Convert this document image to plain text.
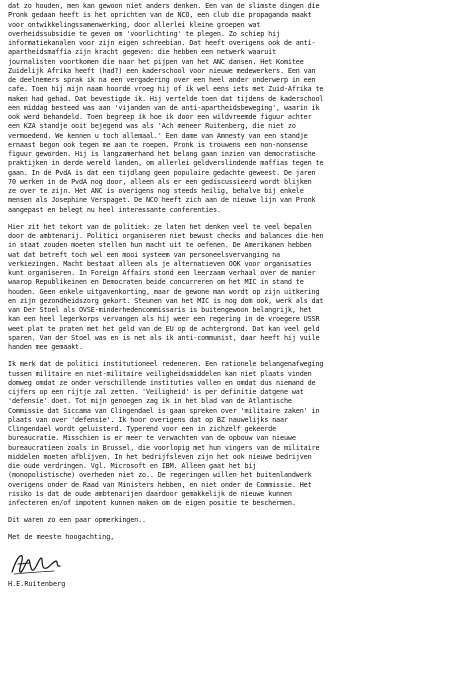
dat zo houden, men kan gewoon niet anders denken. Een van de slimste dingen die
Pronk gedaan heeft is het oprichten van de NCO, een club die propaganda maakt
voor ontwikkelingssamenwerking, door allerlei kleine groepen wat
overheidssubsidie te geven om 'voorlichting' te plegen. Zo schiep hij
informatiekanalen voor zijn eigen schreebian. Dat heeft overigens ook de anti-
apartheidsmaffia zijn kracht gegeven: die hebben een netwerk waaruit
journalisten voortkomen die naar het pijpen van het ANC dansen. Het Komitee
Zuidelijk Afrika heeft (had?) een kaderschool voor nieuwe medewerkers. Een van
de deelnemers sprak ik na een vergadering over een heel ander onderwerp in een
cafe. Toen hij mijn naam hoorde vroeg hij of ik wel eens iets met Zuid-Afrika te
maken had gehad. Dat bevestigde ik. Hij vertelde toen dat tijdens de kaderschool
een middag besteed was aan 'vijanden van de anti-apartheidsbeweging', waarin ik
ook werd behandeld. Toen begreep ik hoe ik door een wildvreemde figuur achter
een KZA standje ooit bejegend was als 'Ach meneer Ruitenberg, die niet zo
vermoedend. We kennen u toch allemaal.' Een dame van Amnesty van een standje
ernaast begon ook tegen me aan te roepen. Pronk is trouwens een non-nonsense
figuur geworden. Hij is langzamerhand het belang gaan inzien van democratische
praktijken in derde wereld landen, om allerlei geldverslindende maffias tegen te
gaan. In de PvdA is dat een tijdlang geen populaire gedachte geweest. De jaren
70 werken in de PvdA nog door, alleen als er een gediscussieerd wordt blijken
ze over te zijn. Het ANC is overigens nog steeds heilig, behalve bij enkele
mensen als Josephine Verspaget. De NCO heeft zich aan de nieuwe lijn van Pronk
aangepast en belegt nu heel interessante conferenties.
Hier zit het tekort van de politiek: ze laten het denken veel te veel bepalen
door de ambtenarij. Politici organiseren niet bewust checks and balances die hen
in staat zouden moeten stellen hun macht uit te oefenen. De Amerikanen hebben
wat dat betreft toch wel een mooi systeem van personeelsvervanging na
verkiezingen. Macht bestaat alleen als je alternatieven OOK voor organisaties
kunt organiseren. In Foreign Affairs stond een leerzaam verhaal over de manier
waarop Republikeinen en Democraten beide concurreren om het MIC in stand te
houden. Geen enkele uitgavenkorting, maar de gewone man wordt op zijn uitkering
en zijn gezondheidszorg gekort. Steunen van het MIC is nog dom ook, werk als dat
van Der Stoel als OVSE-minderhedencommissaris is buitengewoon belangrijk, het
kan een heel legerkorps vervangen als hij weer een regering in de vroegere USSR
weet plat te praten met het geld van de EU op de achtergrond. Dat kan veel geld
sparen. Van der Stoel was en is net als ik anti-communist, daar heeft hij vuile
handen mee gemaakt.
Ik merk dat de politici institutioneel redeneren. Een rationele belangenafweging
tussen militaire en niet-militaire veiligheidsmiddelen kan niet plaats vinden
domweg omdat ze onder verschillende instituties vallen en omdat dus niemand de
cijfers op een rijtje zal zetten. 'Veiligheid' is per definitie datgene wat
'defensie' doet. Tot mijn genoegen zag ik in het blad van de Atlantische
Commissie dat Siccama van Clingendael is gaan spreken over 'militaire zaken' in
plaats van over 'defensie'. Ik hoor overigens dat op BZ nauwelijks naar
Clingendael wordt geluisterd. Typerend voor een in zichzelf gekeerde
bureaucratie. Misschien is er meer te verwachten van de opbouw van nieuwe
bureaucratieen zoals in Brussel, die voorlopig met hun vingers van de militaire
middelen moeten afblijven. In het bedrijfsleven zijn het ook nieuwe bedrijven
die oude verdringen. Vgl. Microsoft en IBM. Alleen gaat het bij
(monopolistische) overheden niet zo.. De regeringen willen het buitenlandwerk
overigens onder de Raad van Ministers hebben, en niet onder de Commissie. Het
risiko is dat de oude ambtenarijen daardoor gemakkelijk de nieuwe kunnen
infecteren en/of impotent kunnen maken om de eigen positie te beschermen.
Dit waren zo een paar opmerkingen..
Met de meeste hoogachting,
H.E.Ruitenberg
